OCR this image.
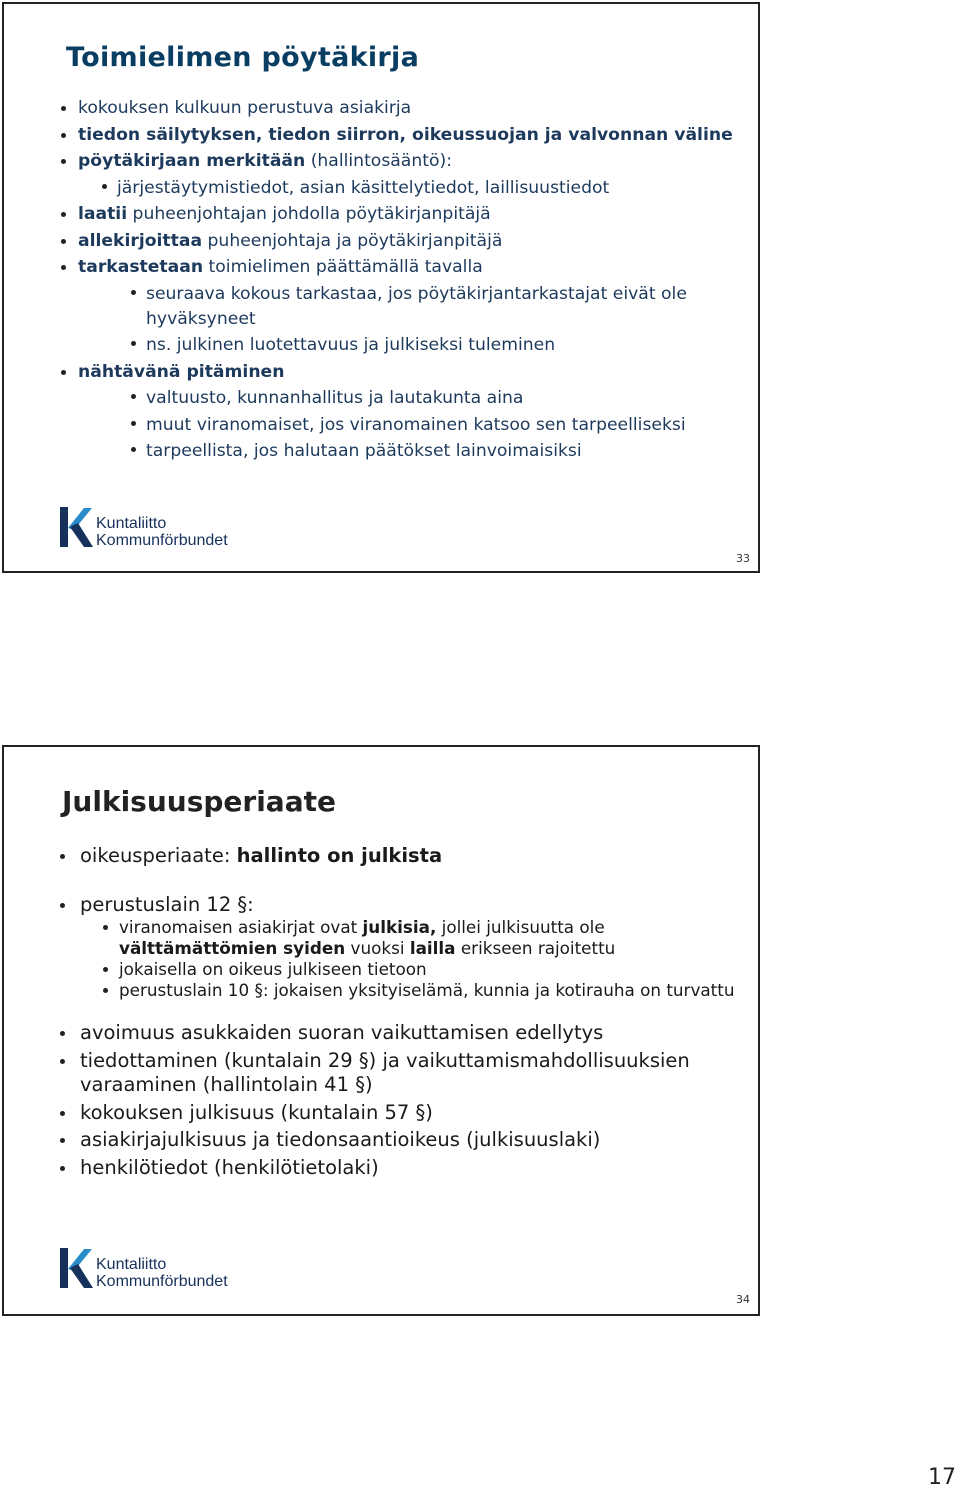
Toimielimen pöytäkirja
kokouksen kulkuun perustuva asiakirja
tiedon säilytyksen, tiedon siirron, oikeussuojan ja valvonnan väline
pöytäkirjaan merkitään (hallintosääntö):
järjestäytymistiedot, asian käsittelytiedot, laillisuustiedot
laatii puheenjohtajan johdolla pöytäkirjanpitäjä
allekirjoittaa puheenjohtaja ja pöytäkirjanpitäjä
tarkastetaan toimielimen päättämällä tavalla
seuraava kokous tarkastaa, jos pöytäkirjantarkastajat eivät ole hyväksyneet
ns. julkinen luotettavuus ja julkiseksi tuleminen
nähtävänä pitäminen
valtuusto, kunnanhallitus ja lautakunta aina
muut viranomaiset, jos viranomainen katsoo sen tarpeelliseksi
tarpeellista, jos halutaan päätökset lainvoimaisiksi
Kuntaliitto
Kommunförbundet
33
Julkisuusperiaate
Kuntaliitto
Kommunförbundet
34
oikeusperiaate: hallinto on julkista
perustuslain 12 §:
viranomaisen asiakirjat ovat julkisia, jollei julkisuutta ole välttämättömien syiden vuoksi lailla erikseen rajoitettu
jokaisella on oikeus julkiseen tietoon
perustuslain 10 §: jokaisen yksityiselämä, kunnia ja kotirauha on turvattu
avoimuus asukkaiden suoran vaikuttamisen edellytys
tiedottaminen (kuntalain 29 §) ja vaikuttamismahdollisuuksien varaaminen (hallintolain 41 §)
kokouksen julkisuus (kuntalain 57 §)
asiakirjajulkisuus ja tiedonsaantioikeus (julkisuuslaki)
henkilötiedot (henkilötietolaki)
17
